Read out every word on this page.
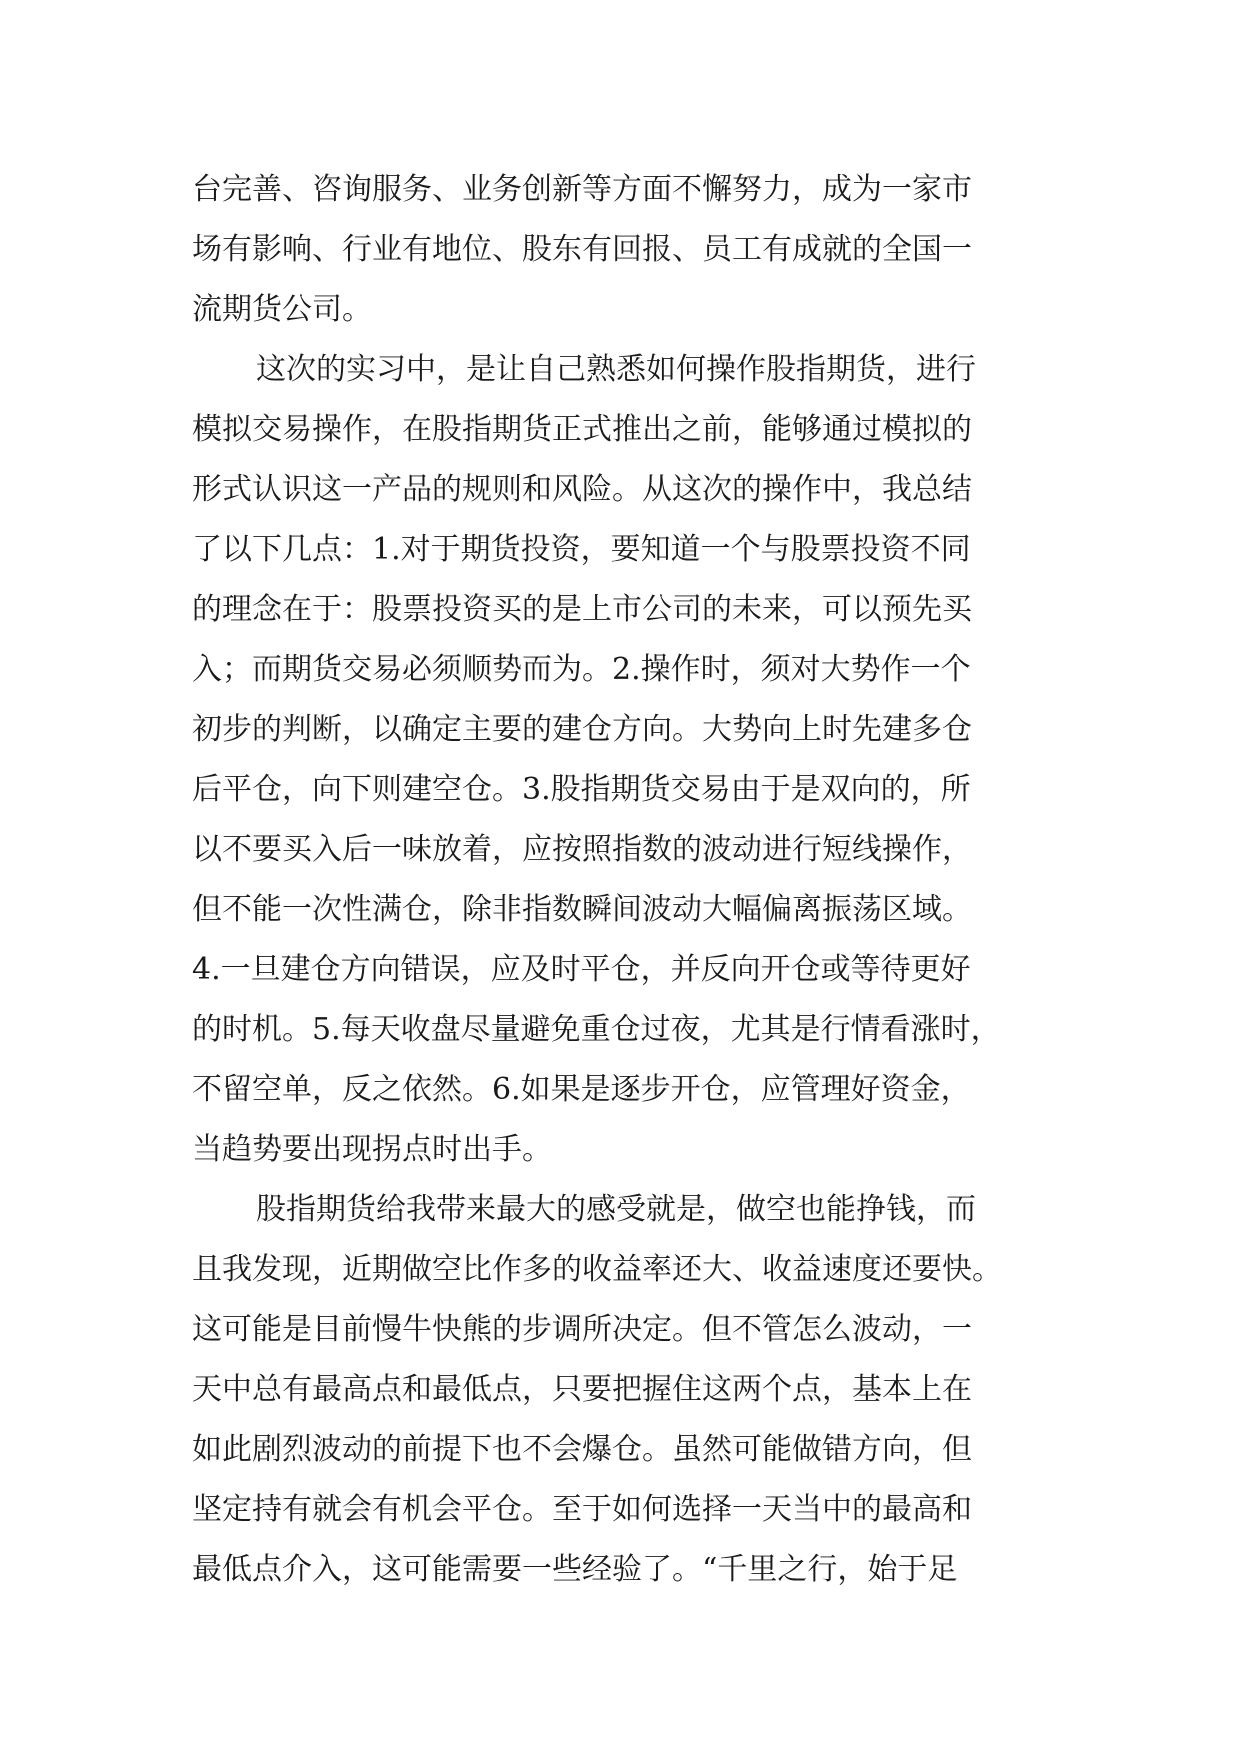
台完善、咨询服务、业务创新等方面不懈努力，成为一家市

场有影响、行业有地位、股东有回报、员工有成就的全国一

流期货公司。

这次的实习中，是让自己熟悉如何操作股指期货，进行

模拟交易操作，在股指期货正式推出之前，能够通过模拟的

形式认识这一产品的规则和风险。从这次的操作中，我总结

了以下几点：1.对于期货投资，要知道一个与股票投资不同

的理念在于：股票投资买的是上市公司的未来，可以预先买

入；而期货交易必须顺势而为。2.操作时，须对大势作一个

初步的判断，以确定主要的建仓方向。大势向上时先建多仓

后平仓，向下则建空仓。3.股指期货交易由于是双向的，所

以不要买入后一味放着，应按照指数的波动进行短线操作，

但不能一次性满仓，除非指数瞬间波动大幅偏离振荡区域。

4.一旦建仓方向错误，应及时平仓，并反向开仓或等待更好

的时机。5.每天收盘尽量避免重仓过夜，尤其是行情看涨时，

不留空单，反之依然。6.如果是逐步开仓，应管理好资金，

当趋势要出现拐点时出手。

股指期货给我带来最大的感受就是，做空也能挣钱，而

且我发现，近期做空比作多的收益率还大、收益速度还要快。

这可能是目前慢牛快熊的步调所决定。但不管怎么波动，一

天中总有最高点和最低点，只要把握住这两个点，基本上在

如此剧烈波动的前提下也不会爆仓。虽然可能做错方向，但

坚定持有就会有机会平仓。至于如何选择一天当中的最高和

最低点介入，这可能需要一些经验了。“千里之行，始于足
